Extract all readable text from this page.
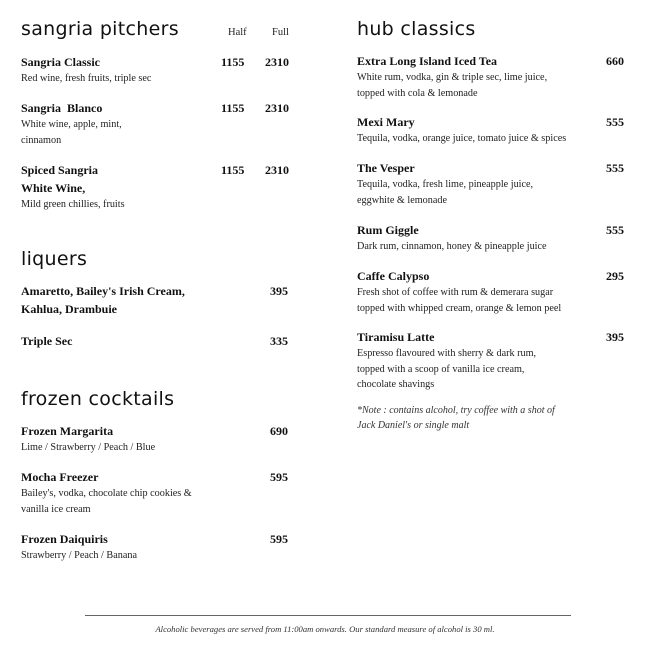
sangria pitchers	Half Full
Sangria Classic
Red wine, fresh fruits, triple sec
1155 2310
Sangria  Blanco
White wine, apple, mint,
cinnamon
1155 2310
Spiced Sangria
White Wine,
Mild green chillies, fruits
1155 2310
liquers
Amaretto, Bailey's Irish Cream,
Kahlua, Drambuie
395
Triple Sec	335
frozen cocktails
Frozen Margarita
Lime / Strawberry / Peach / Blue
690
Mocha Freezer
Bailey's, vodka, chocolate chip cookies &
vanilla ice cream
595
Frozen Daiquiris
Strawberry / Peach / Banana
595
hub classics
Extra Long Island Iced Tea
White rum, vodka, gin & triple sec, lime juice,
topped with cola & lemonade
660
Mexi Mary
Tequila, vodka, orange juice, tomato juice & spices
555
The Vesper
Tequila, vodka, fresh lime, pineapple juice,
eggwhite & lemonade
555
Rum Giggle
Dark rum, cinnamon, honey & pineapple juice
555
Caffe Calypso
Fresh shot of coffee with rum & demerara sugar
topped with whipped cream, orange & lemon peel
295
Tiramisu Latte
Espresso flavoured with sherry & dark rum,
topped with a scoop of vanilla ice cream,
chocolate shavings
395
*Note : contains alcohol, try coffee with a shot of
Jack Daniel's or single malt
Alcoholic beverages are served from 11:00am onwards. Our standard measure of alcohol is 30 ml.
